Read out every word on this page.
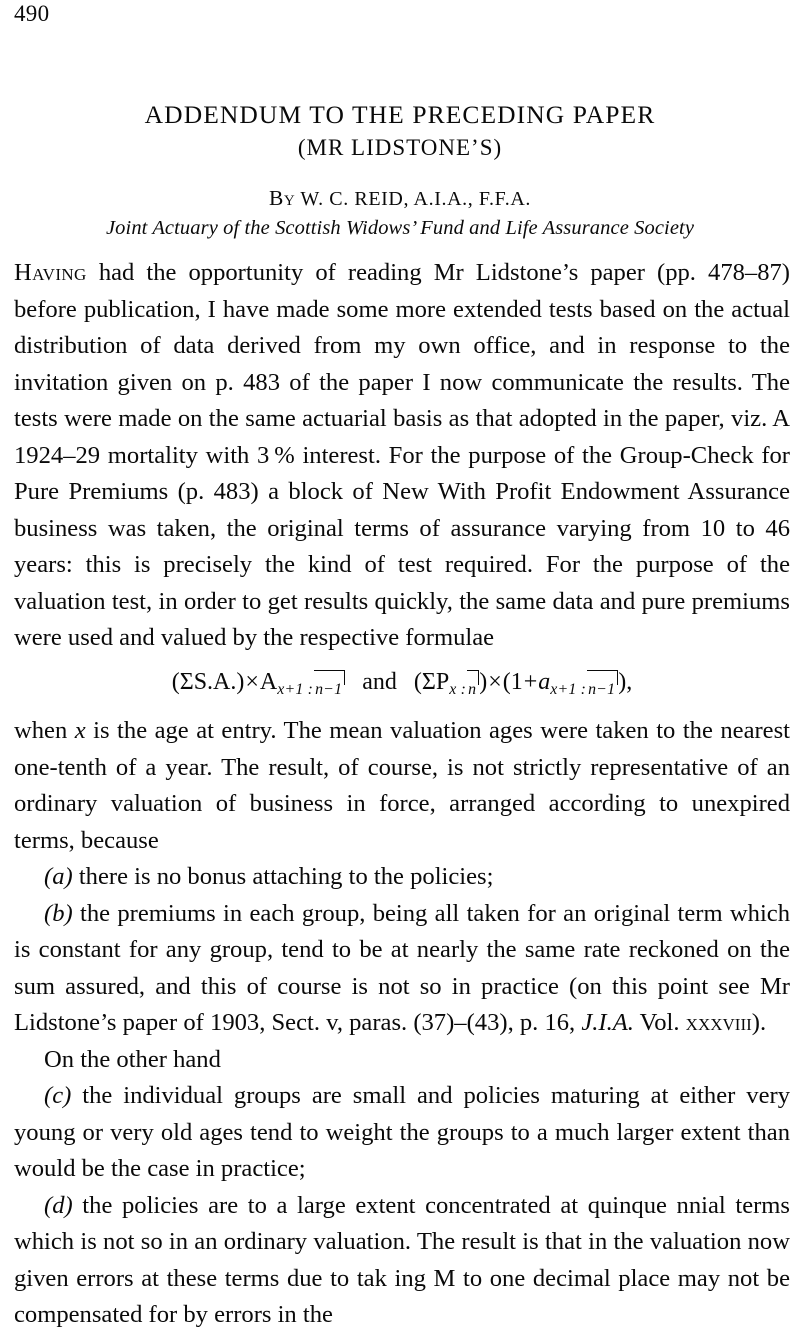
490
ADDENDUM TO THE PRECEDING PAPER
(MR LIDSTONE’S)
By W. C. REID, A.I.A., F.F.A.
Joint Actuary of the Scottish Widows’ Fund and Life Assurance Society

Having had the opportunity of reading Mr Lidstone’s paper (pp. 478–87) before publication, I have made some more extended tests based on the actual distribution of data derived from my own office, and in response to the invitation given on p. 483 of the paper I now communicate the results. The tests were made on the same actuarial basis as that adopted in the paper, viz. A 1924–29 mortality with 3 % interest. For the purpose of the Group-Check for Pure Premiums (p. 483) a block of New With Profit Endowment Assurance business was taken, the original terms of assurance varying from 10 to 46 years: this is precisely the kind of test required. For the purpose of the valuation test, in order to get results quickly, the same data and pure premiums were used and valued by the respective formulae

$(\Sigma S.A.)\times A_{x+1 : n-1}$ and ($\Sigma P_{x : n}$ )$\times(1+a_{x+1 : n-1}$ ),

when x is the age at entry. The mean valuation ages were taken to the nearest one-tenth of a year. The result, of course, is not strictly representative of an ordinary valuation of business in force, arranged according to unexpired terms, because

(a) there is no bonus attaching to the policies;

(b) the premiums in each group, being all taken for an original term which is constant for any group, tend to be at nearly the same rate reckoned on the sum assured, and this of course is not so in practice (on this point see Mr Lidstone’s paper of 1903, Sect. v, paras. (37)–(43), p. 16, J.I.A. Vol. xxxviii).

On the other hand

(c) the individual groups are small and policies maturing at either very young or very old ages tend to weight the groups to a much larger extent than would be the case in practice;

(d) the policies are to a large extent concentrated at quinque nnial terms which is not so in an ordinary valuation. The result is that in the valuation now given errors at these terms due to tak ing M to one decimal place may not be compensated for by errors in the
